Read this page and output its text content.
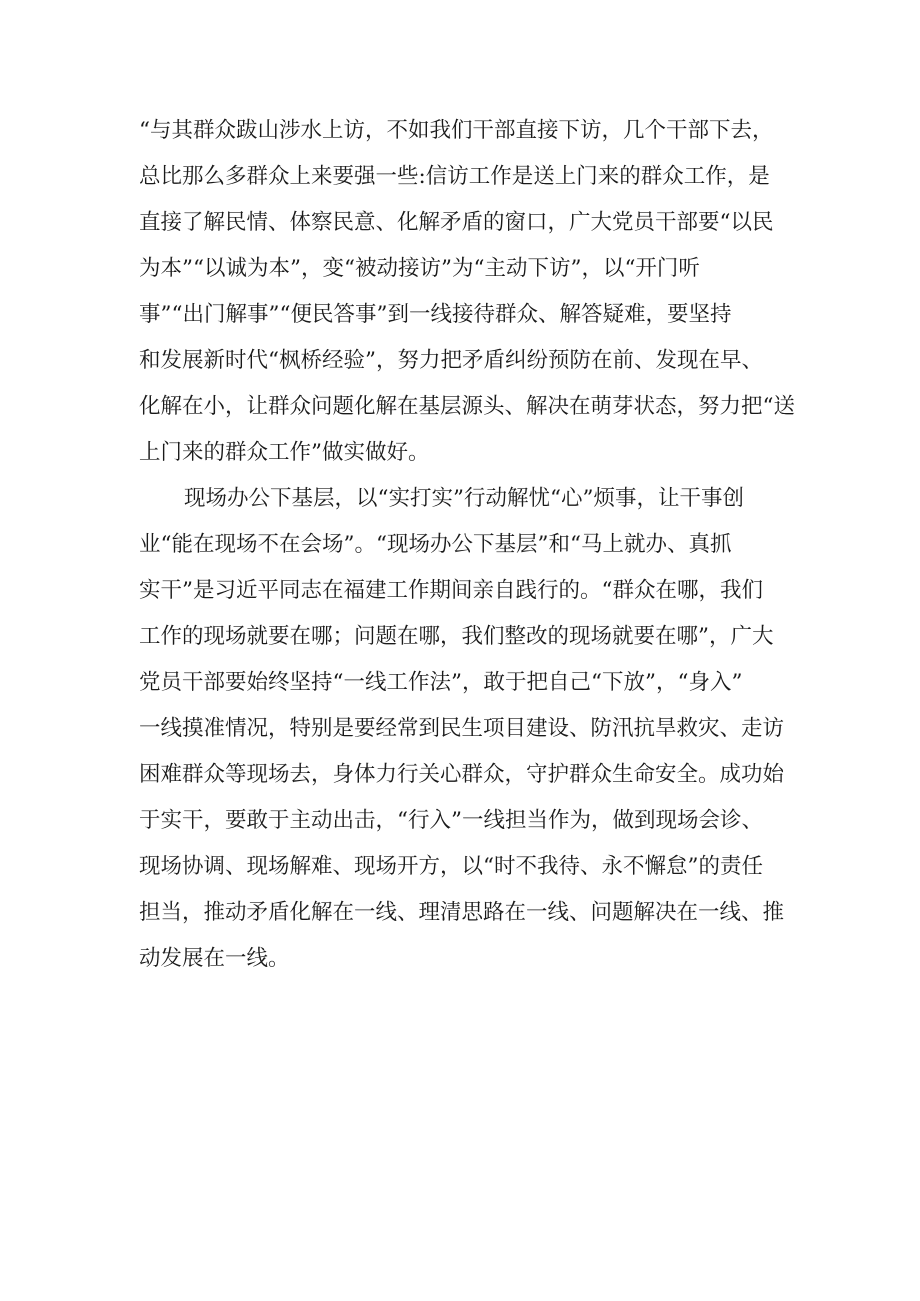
“与其群众跋山涉水上访，不如我们干部直接下访，几个干部下去，
总比那么多群众上来要强一些:信访工作是送上门来的群众工作，是
直接了解民情、体察民意、化解矛盾的窗口，广大党员干部要“以民
为本”“以诚为本”，变“被动接访”为“主动下访”，以“开门听
事”“出门解事”“便民答事”到一线接待群众、解答疑难，要坚持
和发展新时代“枫桥经验”，努力把矛盾纠纷预防在前、发现在早、
化解在小，让群众问题化解在基层源头、解决在萌芽状态，努力把“送
上门来的群众工作”做实做好。
现场办公下基层，以“实打实”行动解忧“心”烦事，让干事创
业“能在现场不在会场”。“现场办公下基层”和“马上就办、真抓
实干”是习近平同志在福建工作期间亲自践行的。“群众在哪，我们
工作的现场就要在哪；问题在哪，我们整改的现场就要在哪”，广大
党员干部要始终坚持“一线工作法”，敢于把自己“下放”，“身入”
一线摸准情况，特别是要经常到民生项目建设、防汛抗旱救灾、走访
困难群众等现场去，身体力行关心群众，守护群众生命安全。成功始
于实干，要敢于主动出击，“行入”一线担当作为，做到现场会诊、
现场协调、现场解难、现场开方，以“时不我待、永不懈怠”的责任
担当，推动矛盾化解在一线、理清思路在一线、问题解决在一线、推
动发展在一线。
